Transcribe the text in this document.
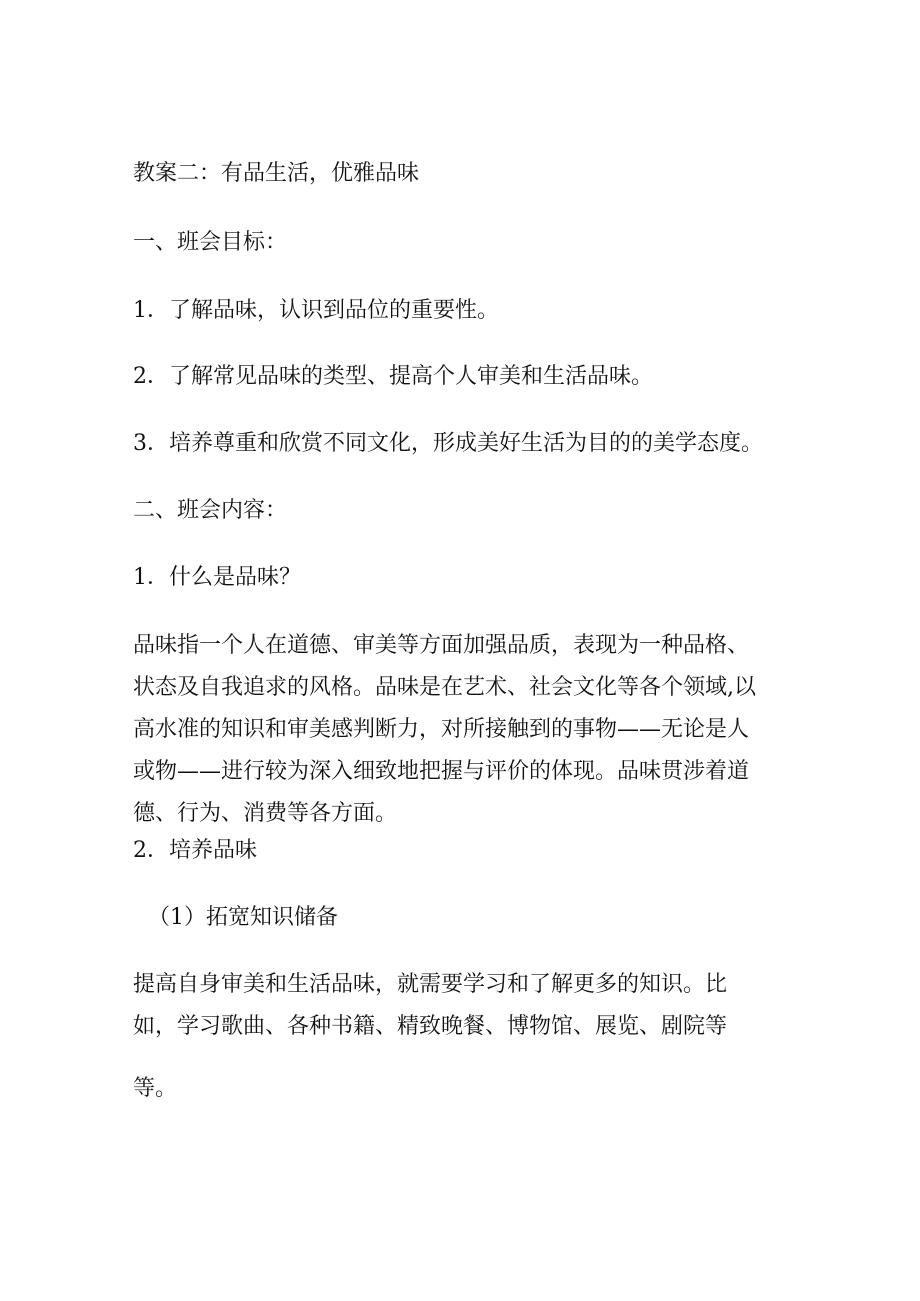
教案二：有品生活，优雅品味

一、班会目标：

1．了解品味，认识到品位的重要性。

2．了解常见品味的类型、提高个人审美和生活品味。

3．培养尊重和欣赏不同文化，形成美好生活为目的的美学态度。

二、班会内容：

1．什么是品味？

品味指一个人在道德、审美等方面加强品质，表现为一种品格、
状态及自我追求的风格。品味是在艺术、社会文化等各个领域,以
高水准的知识和审美感判断力，对所接触到的事物——无论是人
或物——进行较为深入细致地把握与评价的体现。品味贯涉着道
德、行为、消费等各方面。

2．培养品味

（1）拓宽知识储备

提高自身审美和生活品味，就需要学习和了解更多的知识。比
如，学习歌曲、各种书籍、精致晚餐、博物馆、展览、剧院等

等。
